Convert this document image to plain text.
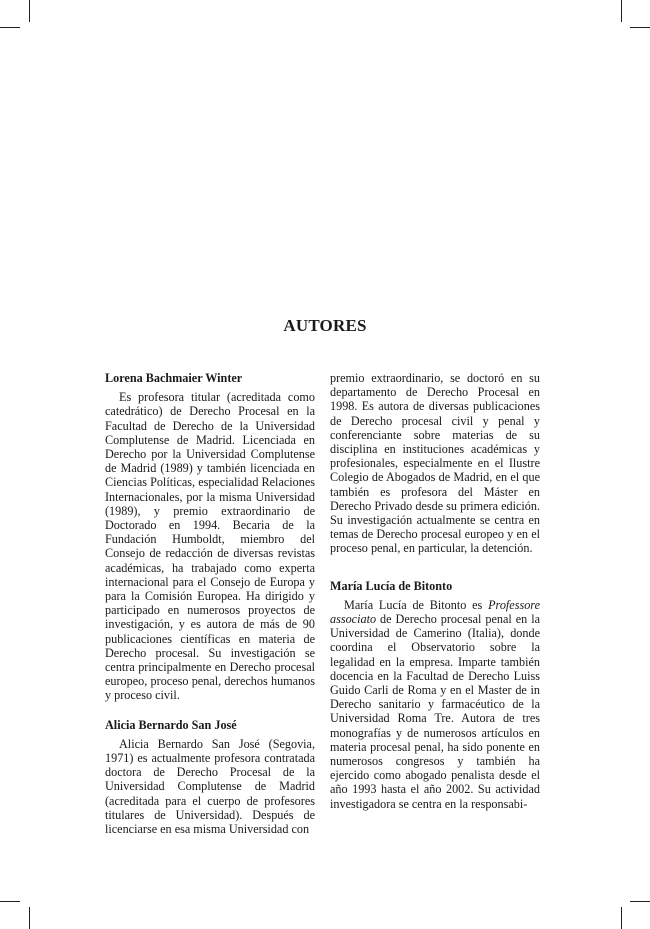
AUTORES
Lorena Bachmaier Winter

Es profesora titular (acreditada como catedrático) de Derecho Procesal en la Facultad de Derecho de la Universidad Complutense de Madrid. Licenciada en Derecho por la Universidad Complutense de Madrid (1989) y también licenciada en Ciencias Políticas, especialidad Relaciones Internacionales, por la misma Universidad (1989), y premio extraordinario de Doctorado en 1994. Becaria de la Fundación Humboldt, miembro del Consejo de redacción de diversas revistas académicas, ha trabajado como experta internacional para el Consejo de Europa y para la Comisión Europea. Ha dirigido y participado en numerosos proyectos de investigación, y es autora de más de 90 publicaciones científicas en materia de Derecho procesal. Su investigación se centra principalmente en Derecho procesal europeo, proceso penal, derechos humanos y proceso civil.

Alicia Bernardo San José

Alicia Bernardo San José (Segovia, 1971) es actualmente profesora contratada doctora de Derecho Procesal de la Universidad Complutense de Madrid (acreditada para el cuerpo de profesores titulares de Universidad). Después de licenciarse en esa misma Universidad con

premio extraordinario, se doctoró en su departamento de Derecho Procesal en 1998. Es autora de diversas publicaciones de Derecho procesal civil y penal y conferenciante sobre materias de su disciplina en instituciones académicas y profesionales, especialmente en el Ilustre Colegio de Abogados de Madrid, en el que también es profesora del Máster en Derecho Privado desde su primera edición. Su investigación actualmente se centra en temas de Derecho procesal europeo y en el proceso penal, en particular, la detención.

María Lucía de Bitonto

María Lucía de Bitonto es Professore associato de Derecho procesal penal en la Universidad de Camerino (Italia), donde coordina el Observatorio sobre la legalidad en la empresa. Imparte también docencia en la Facultad de Derecho Luiss Guido Carli de Roma y en el Master de in Derecho sanitario y farmacéutico de la Universidad Roma Tre. Autora de tres monografías y de numerosos artículos en materia procesal penal, ha sido ponente en numerosos congresos y también ha ejercido como abogado penalista desde el año 1993 hasta el año 2002. Su actividad investigadora se centra en la responsabi-
